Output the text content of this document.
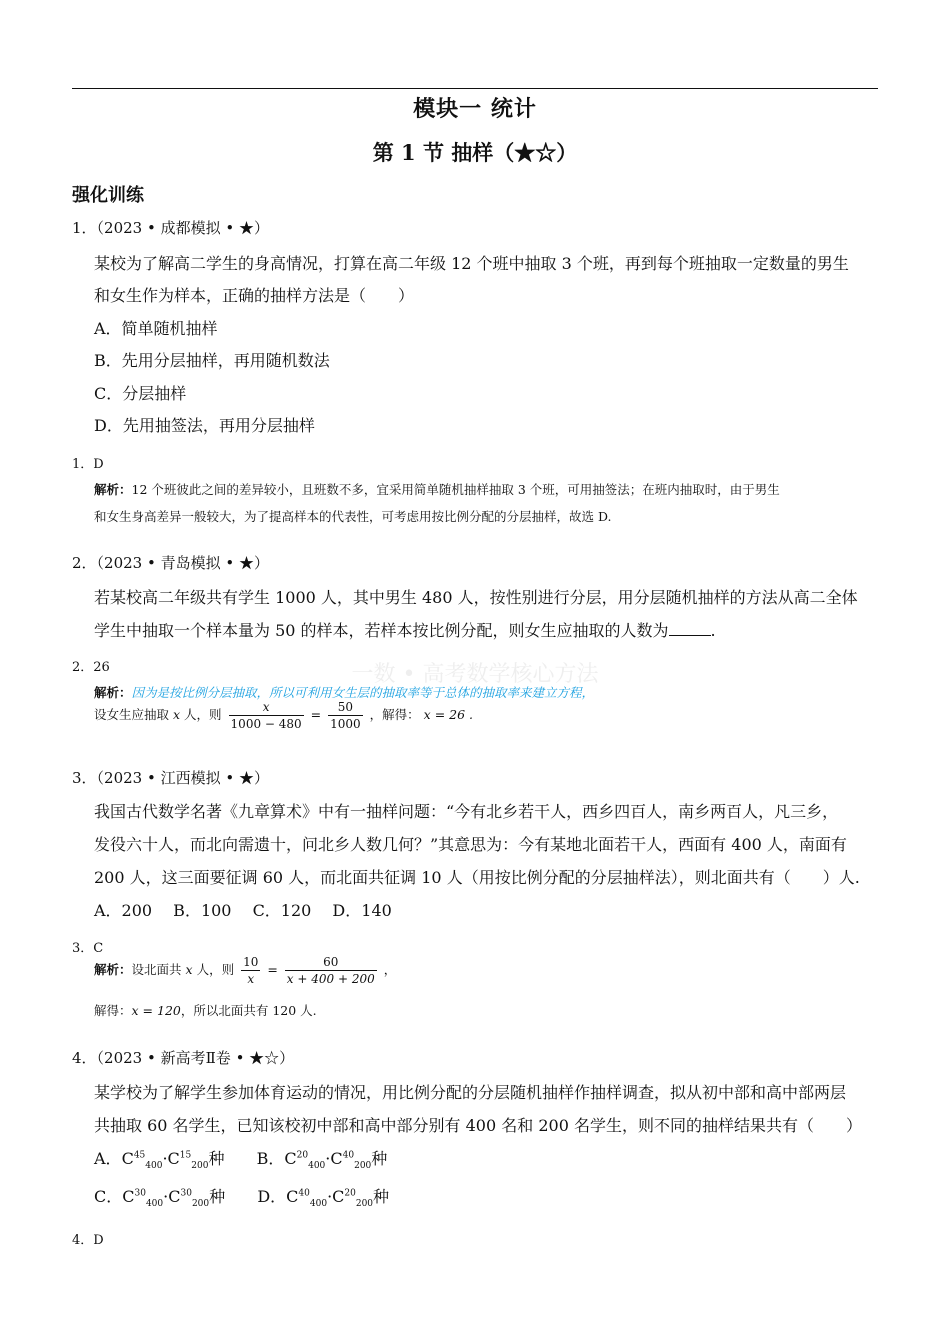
模块一 统计
第 1 节 抽样（★☆）
强化训练
1．（2023 • 成都模拟 • ★）
某校为了解高二学生的身高情况，打算在高二年级 12 个班中抽取 3 个班，再到每个班抽取一定数量的男生
和女生作为样本，正确的抽样方法是（　　）
A．简单随机抽样
B．先用分层抽样，再用随机数法
C．分层抽样
D．先用抽签法，再用分层抽样
1．D
解析：12 个班彼此之间的差异较小，且班数不多，宜采用简单随机抽样抽取 3 个班，可用抽签法；在班内抽取时，由于男生
和女生身高差异一般较大，为了提高样本的代表性，可考虑用按比例分配的分层抽样，故选 D.
2．（2023 • 青岛模拟 • ★）
若某校高二年级共有学生 1000 人，其中男生 480 人，按性别进行分层，用分层随机抽样的方法从高二全体
学生中抽取一个样本量为 50 的样本，若样本按比例分配，则女生应抽取的人数为	.
一数 • 高考数学核心方法
2．26
解析：因为是按比例分层抽取，所以可利用女生层的抽取率等于总体的抽取率来建立方程，
设女生应抽取 x 人，则 $\frac{x}{1000 - 480} = \frac{50}{1000}$ ，解得： x = 26 .
3．（2023 • 江西模拟 • ★）
我国古代数学名著《九章算术》中有一抽样问题：“今有北乡若干人，西乡四百人，南乡两百人，凡三乡，
发役六十人，而北向需遗十，问北乡人数几何？”其意思为：今有某地北面若干人，西面有 400 人，南面有
200 人，这三面要征调 60 人，而北面共征调 10 人（用按比例分配的分层抽样法），则北面共有（　　）人.
A．200　 B．100　 C．120　 D．140
3．C
解析：设北面共 x 人，则 $\frac{10}{x} = \frac{60}{x + 400 + 200}$ ，
解得：x = 120，所以北面共有 120 人.
4．（2023 • 新高考Ⅱ卷 • ★☆）
某学校为了解学生参加体育运动的情况，用比例分配的分层随机抽样作抽样调查，拟从初中部和高中部两层
共抽取 60 名学生，已知该校初中部和高中部分别有 400 名和 200 名学生，则不同的抽样结果共有（　　）
A．$C^{45}_{400}\cdot C^{15}_{200}$种 B．$C^{20}_{400}\cdot C^{40}_{200}$种
C．$C^{30}_{400}\cdot C^{30}_{200}$种 D．$C^{40}_{400}\cdot C^{20}_{200}$种
4．D
